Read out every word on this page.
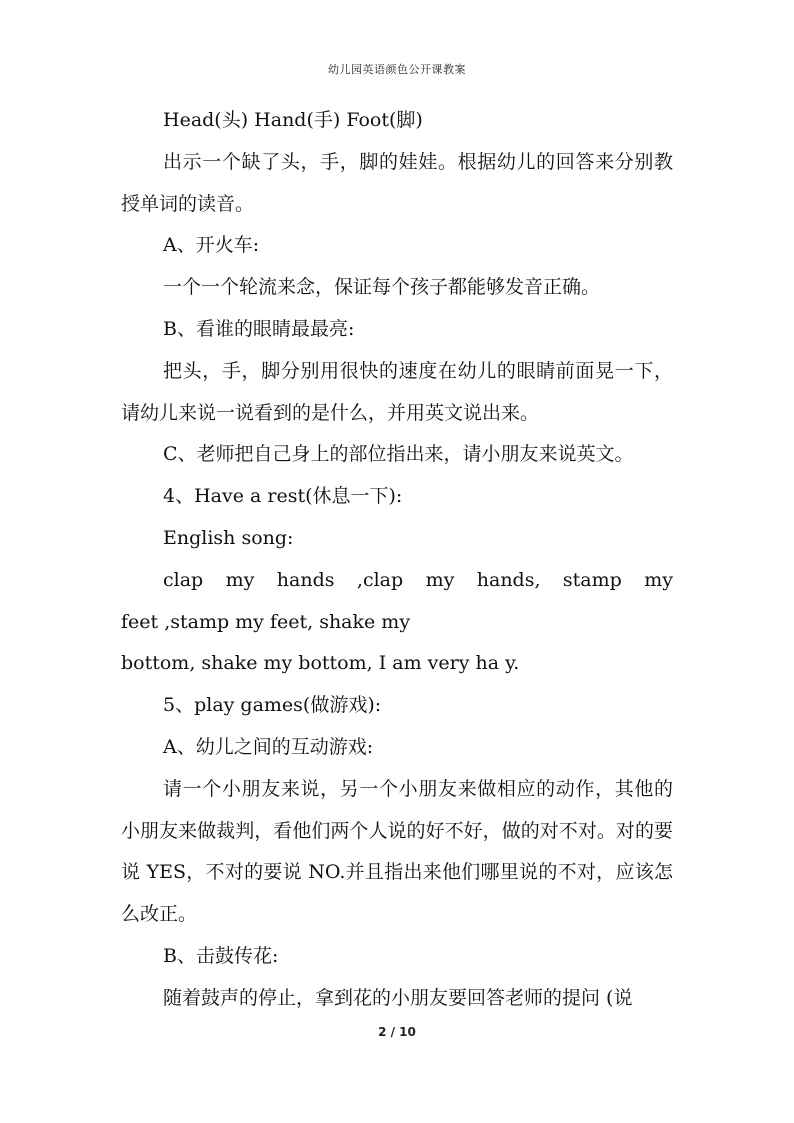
幼儿园英语颜色公开课教案

Head(头) Hand(手) Foot(脚)

出示一个缺了头，手，脚的娃娃。根据幼儿的回答来分别教授单词的读音。

A、开火车:

一个一个轮流来念，保证每个孩子都能够发音正确。

B、看谁的眼睛最最亮:

把头，手，脚分别用很快的速度在幼儿的眼睛前面晃一下，请幼儿来说一说看到的是什么，并用英文说出来。

C、老师把自己身上的部位指出来，请小朋友来说英文。

4、Have a rest(休息一下):

English song:

clap my hands ,clap my hands, stamp my

feet ,stamp my feet, shake my

bottom, shake my bottom, I am very ha y.

5、play games(做游戏):

A、幼儿之间的互动游戏:

请一个小朋友来说，另一个小朋友来做相应的动作，其他的小朋友来做裁判，看他们两个人说的好不好，做的对不对。对的要说 YES，不对的要说 NO.并且指出来他们哪里说的不对，应该怎么改正。

B、击鼓传花:

随着鼓声的停止，拿到花的小朋友要回答老师的提问 (说

2 / 10
